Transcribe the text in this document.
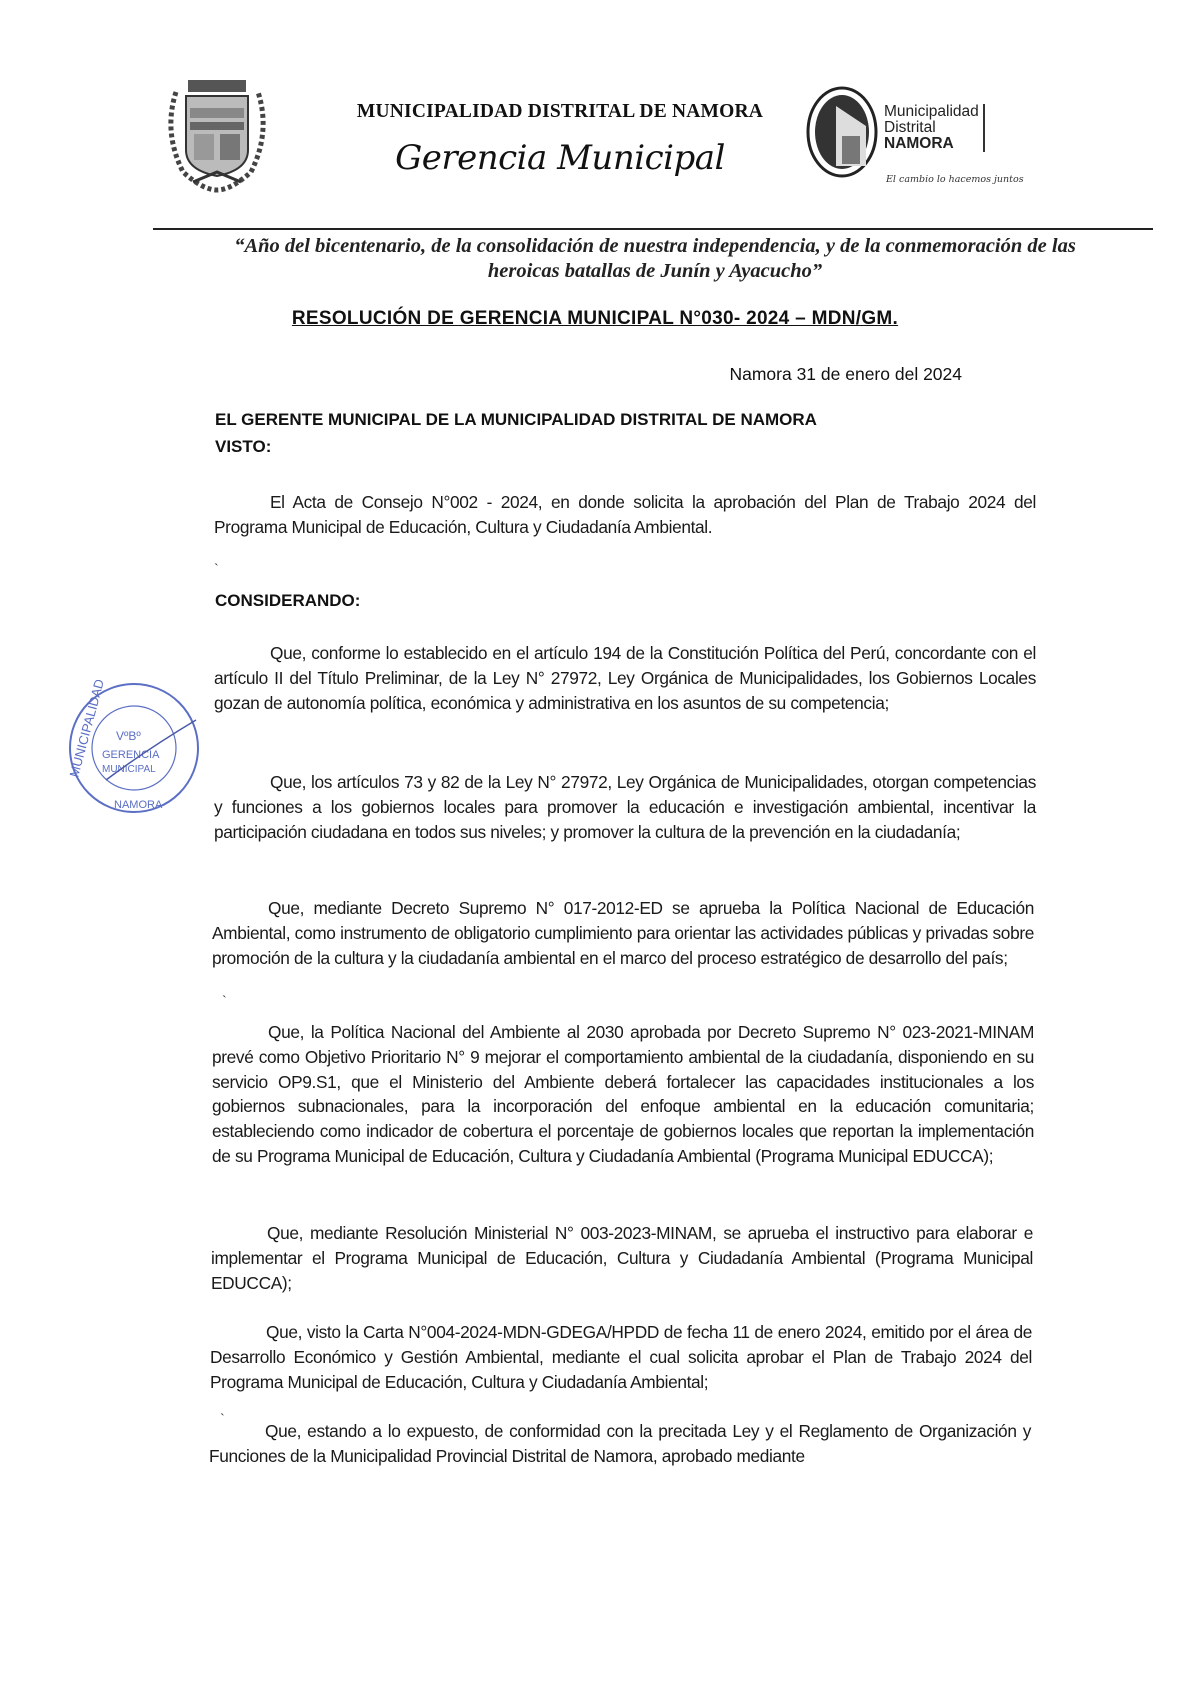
MUNICIPALIDAD DISTRITAL DE NAMORA
Gerencia Municipal
Municipalidad
Distrital
NAMORA
El cambio lo hacemos juntos
“Año del bicentenario, de la consolidación de nuestra independencia, y de la conmemoración de las
heroicas batallas de Junín y Ayacucho”
RESOLUCIÓN DE GERENCIA MUNICIPAL N°030- 2024 – MDN/GM.
Namora 31 de enero del 2024
EL GERENTE MUNICIPAL DE LA MUNICIPALIDAD DISTRITAL DE NAMORA
VISTO:
El Acta de Consejo N°002 - 2024, en donde solicita la aprobación del Plan de Trabajo 2024 del Programa Municipal de Educación, Cultura y Ciudadanía Ambiental.
ˋ
CONSIDERANDO:
Que, conforme lo establecido en el artículo 194 de la Constitución Política del Perú, concordante con el artículo II del Título Preliminar, de la Ley N° 27972, Ley Orgánica de Municipalidades, los Gobiernos Locales gozan de autonomía política, económica y administrativa en los asuntos de su competencia;
Que, los artículos 73 y 82 de la Ley N° 27972, Ley Orgánica de Municipalidades, otorgan competencias y funciones a los gobiernos locales para promover la educación e investigación ambiental, incentivar la participación ciudadana en todos sus niveles; y promover la cultura de la prevención en la ciudadanía;
Que, mediante Decreto Supremo N° 017-2012-ED se aprueba la Política Nacional de Educación Ambiental, como instrumento de obligatorio cumplimiento para orientar las actividades públicas y privadas sobre promoción de la cultura y la ciudadanía ambiental en el marco del proceso estratégico de desarrollo del país;
ˋ
Que, la Política Nacional del Ambiente al 2030 aprobada por Decreto Supremo N° 023-2021-MINAM prevé como Objetivo Prioritario N° 9 mejorar el comportamiento ambiental de la ciudadanía, disponiendo en su servicio OP9.S1, que el Ministerio del Ambiente deberá fortalecer las capacidades institucionales a los gobiernos subnacionales, para la incorporación del enfoque ambiental en la educación comunitaria; estableciendo como indicador de cobertura el porcentaje de gobiernos locales que reportan la implementación de su Programa Municipal de Educación, Cultura y Ciudadanía Ambiental (Programa Municipal EDUCCA);
Que, mediante Resolución Ministerial N° 003-2023-MINAM, se aprueba el instructivo para elaborar e implementar el Programa Municipal de Educación, Cultura y Ciudadanía Ambiental (Programa Municipal EDUCCA);
Que, visto la Carta N°004-2024-MDN-GDEGA/HPDD de fecha 11 de enero 2024, emitido por el área de Desarrollo Económico y Gestión Ambiental, mediante el cual solicita aprobar el Plan de Trabajo 2024 del Programa Municipal de Educación, Cultura y Ciudadanía Ambiental;
ˋ
Que, estando a lo expuesto, de conformidad con la precitada Ley y el Reglamento de Organización y Funciones de la Municipalidad Provincial Distrital de Namora, aprobado mediante
MUNICIPALIDAD D VºBº
GERENCIA
MUNICIPAL
NAMORA
